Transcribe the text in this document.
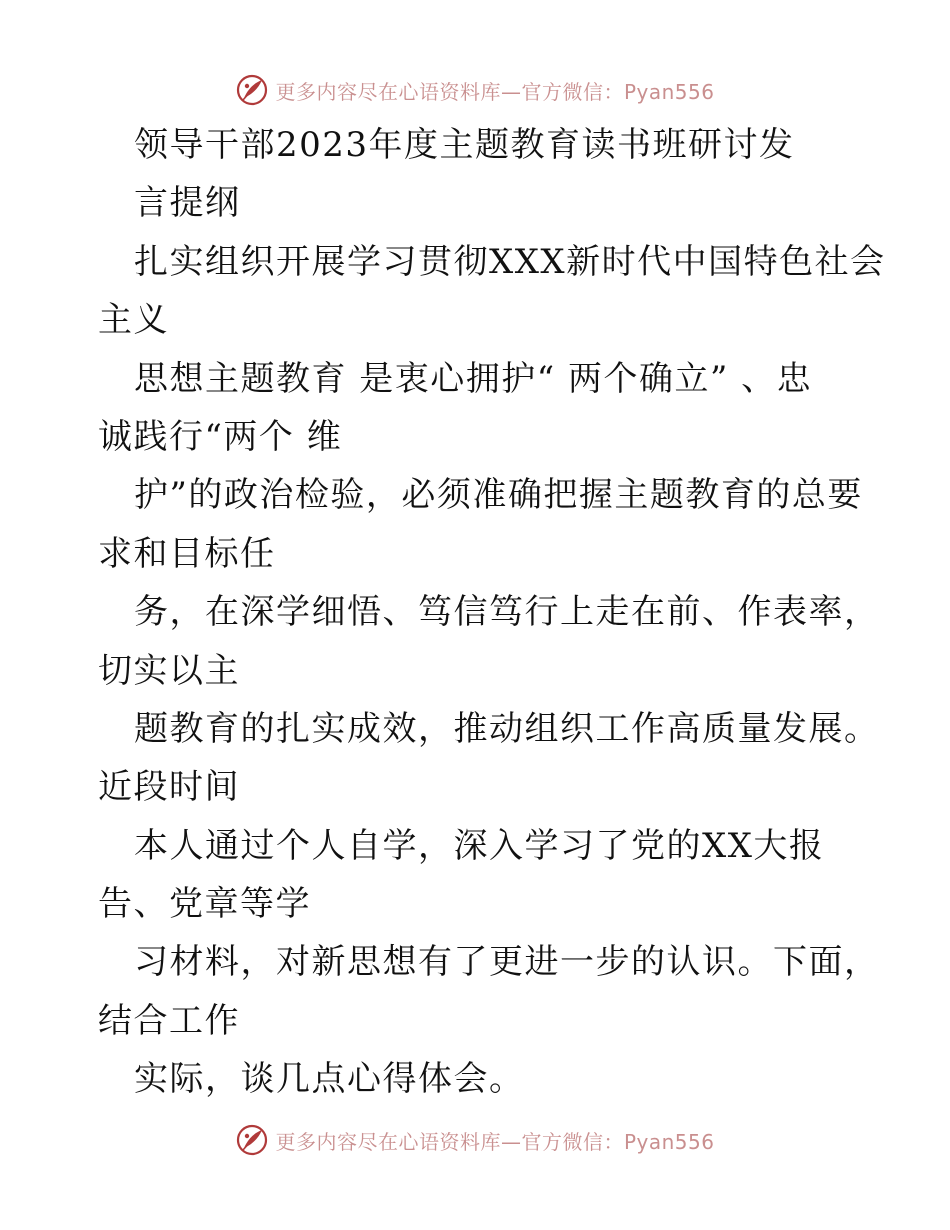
更多内容尽在心语资料库—官方微信：Pyan556
领导干部2023年度主题教育读书班研讨发
言提纲
扎实组织开展学习贯彻XXX新时代中国特色社会
主义
思想主题教育 是衷心拥护“ 两个确立” 、忠
诚践行“两个 维
护”的政治检验，必须准确把握主题教育的总要
求和目标任
务，在深学细悟、笃信笃行上走在前、作表率，
切实以主
题教育的扎实成效，推动组织工作高质量发展。
近段时间
本人通过个人自学，深入学习了党的XX大报
告、党章等学
习材料，对新思想有了更进一步的认识。下面，
结合工作
实际，谈几点心得体会。
更多内容尽在心语资料库—官方微信：Pyan556
